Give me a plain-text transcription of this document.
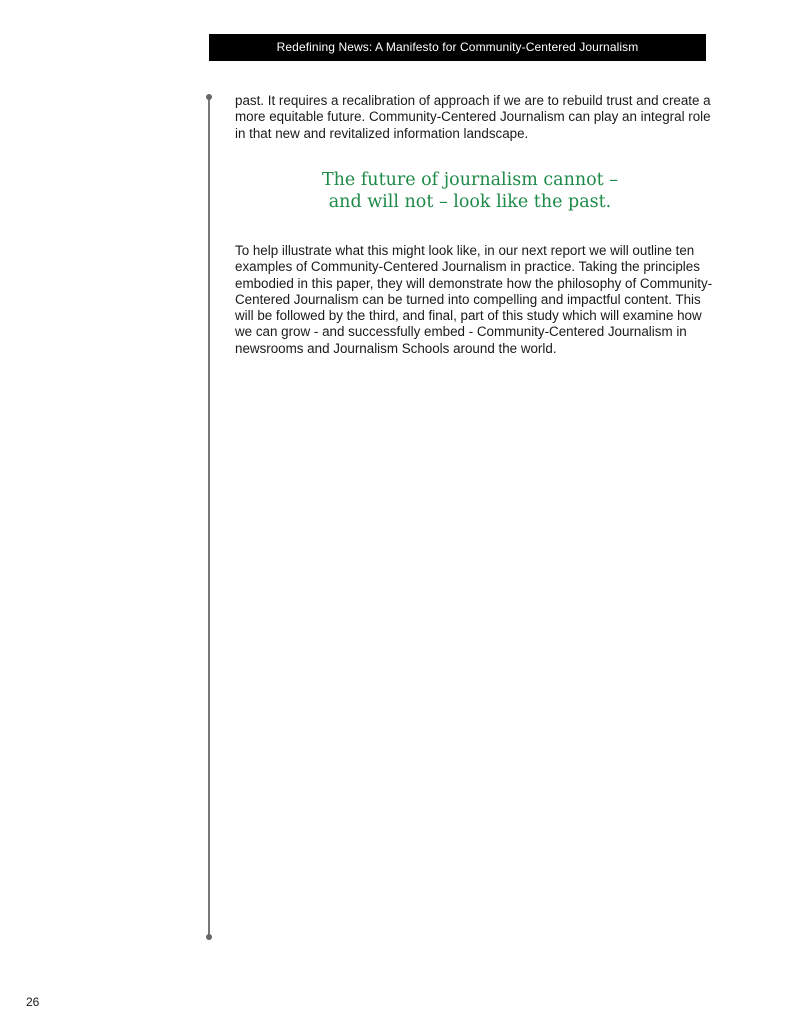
Redefining News: A Manifesto for Community-Centered Journalism

past. It requires a recalibration of approach if we are to rebuild trust and create a more equitable future. Community-Centered Journalism can play an integral role in that new and revitalized information landscape.

The future of journalism cannot –
and will not – look like the past.

To help illustrate what this might look like, in our next report we will outline ten examples of Community-Centered Journalism in practice. Taking the principles embodied in this paper, they will demonstrate how the philosophy of Community-Centered Journalism can be turned into compelling and impactful content. This will be followed by the third, and final, part of this study which will examine how we can grow - and successfully embed - Community-Centered Journalism in newsrooms and Journalism Schools around the world.

26
